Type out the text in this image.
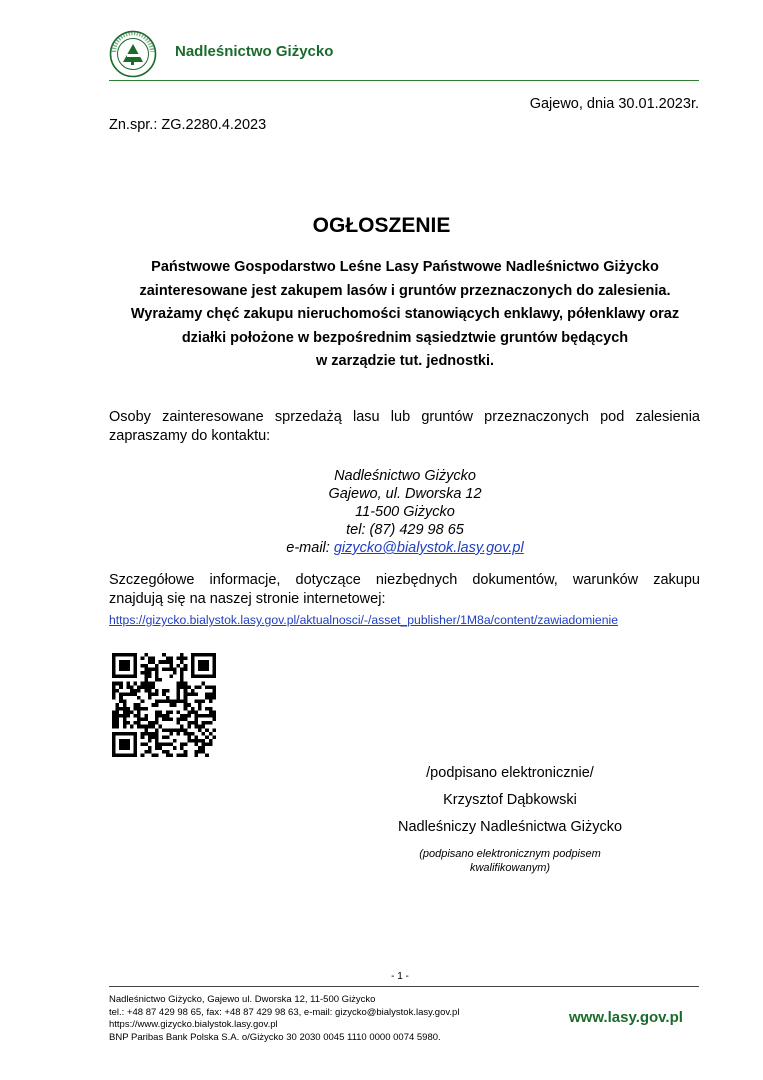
Nadleśnictwo Giżycko
Gajewo, dnia 30.01.2023r.
Zn.spr.: ZG.2280.4.2023
OGŁOSZENIE
Państwowe Gospodarstwo Leśne Lasy Państwowe Nadleśnictwo Giżycko
zainteresowane jest zakupem lasów i gruntów przeznaczonych do zalesienia.
Wyrażamy chęć zakupu nieruchomości stanowiących enklawy, półenklawy oraz
działki położone w bezpośrednim sąsiedztwie gruntów będących
w zarządzie tut. jednostki.
Osoby zainteresowane sprzedażą lasu lub gruntów przeznaczonych pod zalesienia
zapraszamy do kontaktu:
Nadleśnictwo Giżycko
Gajewo, ul. Dworska 12
11-500 Giżycko
tel: (87) 429 98 65
e-mail: gizycko@bialystok.lasy.gov.pl
Szczegółowe informacje, dotyczące niezbędnych dokumentów, warunków zakupu
znajdują się na naszej stronie internetowej:
https://gizycko.bialystok.lasy.gov.pl/aktualnosci/-/asset_publisher/1M8a/content/zawiadomienie
/podpisano elektronicznie/
Krzysztof Dąbkowski
Nadleśniczy Nadleśnictwa Giżycko
(podpisano elektronicznym podpisem
kwalifikowanym)
- 1 -
Nadleśnictwo Giżycko, Gajewo ul. Dworska 12, 11-500 Giżycko
tel.: +48 87 429 98 65, fax: +48 87 429 98 63, e-mail: gizycko@bialystok.lasy.gov.pl
https://www.gizycko.bialystok.lasy.gov.pl
BNP Paribas Bank Polska S.A. o/Giżycko 30 2030 0045 1110 0000 0074 5980.
www.lasy.gov.pl
